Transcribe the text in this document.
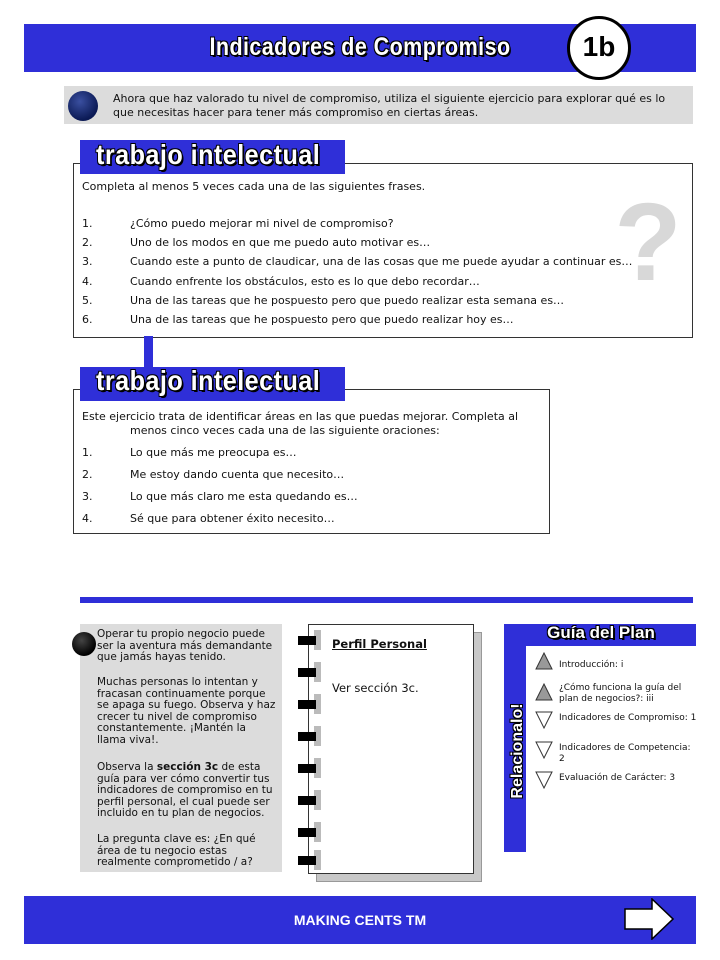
Indicadores de Compromiso	1b
Ahora que haz valorado tu nivel de compromiso, utiliza el siguiente ejercicio para explorar qué es lo que necesitas hacer para tener más compromiso en ciertas áreas.
trabajo intelectual
?
Completa al menos 5 veces cada una de las siguientes frases.
1.	¿Cómo puedo mejorar mi nivel de compromiso?
2.	Uno de los modos en que me puedo auto motivar es…
3.	Cuando este a punto de claudicar, una de las cosas que me puede ayudar a continuar es…
4.	Cuando enfrente los obstáculos, esto es lo que debo recordar…
5.	Una de las tareas que he pospuesto pero que puedo realizar esta semana es…
6.	Una de las tareas que he pospuesto pero que puedo realizar hoy es…
trabajo intelectual
Este ejercicio trata de identificar áreas en las que puedas mejorar. Completa al
menos cinco veces cada una de las siguiente oraciones:
1.	Lo que más me preocupa es…
2.	Me estoy dando cuenta que necesito…
3.	Lo que más claro me esta quedando es…
4.	Sé que para obtener éxito necesito…
Operar tu propio negocio puede ser la aventura más demandante que jamás hayas tenido.
Muchas personas lo intentan y fracasan continuamente porque se apaga su fuego. Observa y haz crecer tu nivel de compromiso constantemente. ¡Mantén la llama viva!.
Observa la sección 3c de esta guía para ver cómo convertir tus indicadores de compromiso en tu perfil personal, el cual puede ser incluido en tu plan de negocios.
La pregunta clave es: ¿En qué área de tu negocio estas realmente comprometido / a?
Perfil Personal
Ver sección 3c.
Guía del Plan
Relacionalo!
Introducción: i
¿Cómo funciona la guía del plan de negocios?: iii
Indicadores de Compromiso: 1
Indicadores de Competencia: 2
Evaluación de Carácter: 3
MAKING CENTS TM
